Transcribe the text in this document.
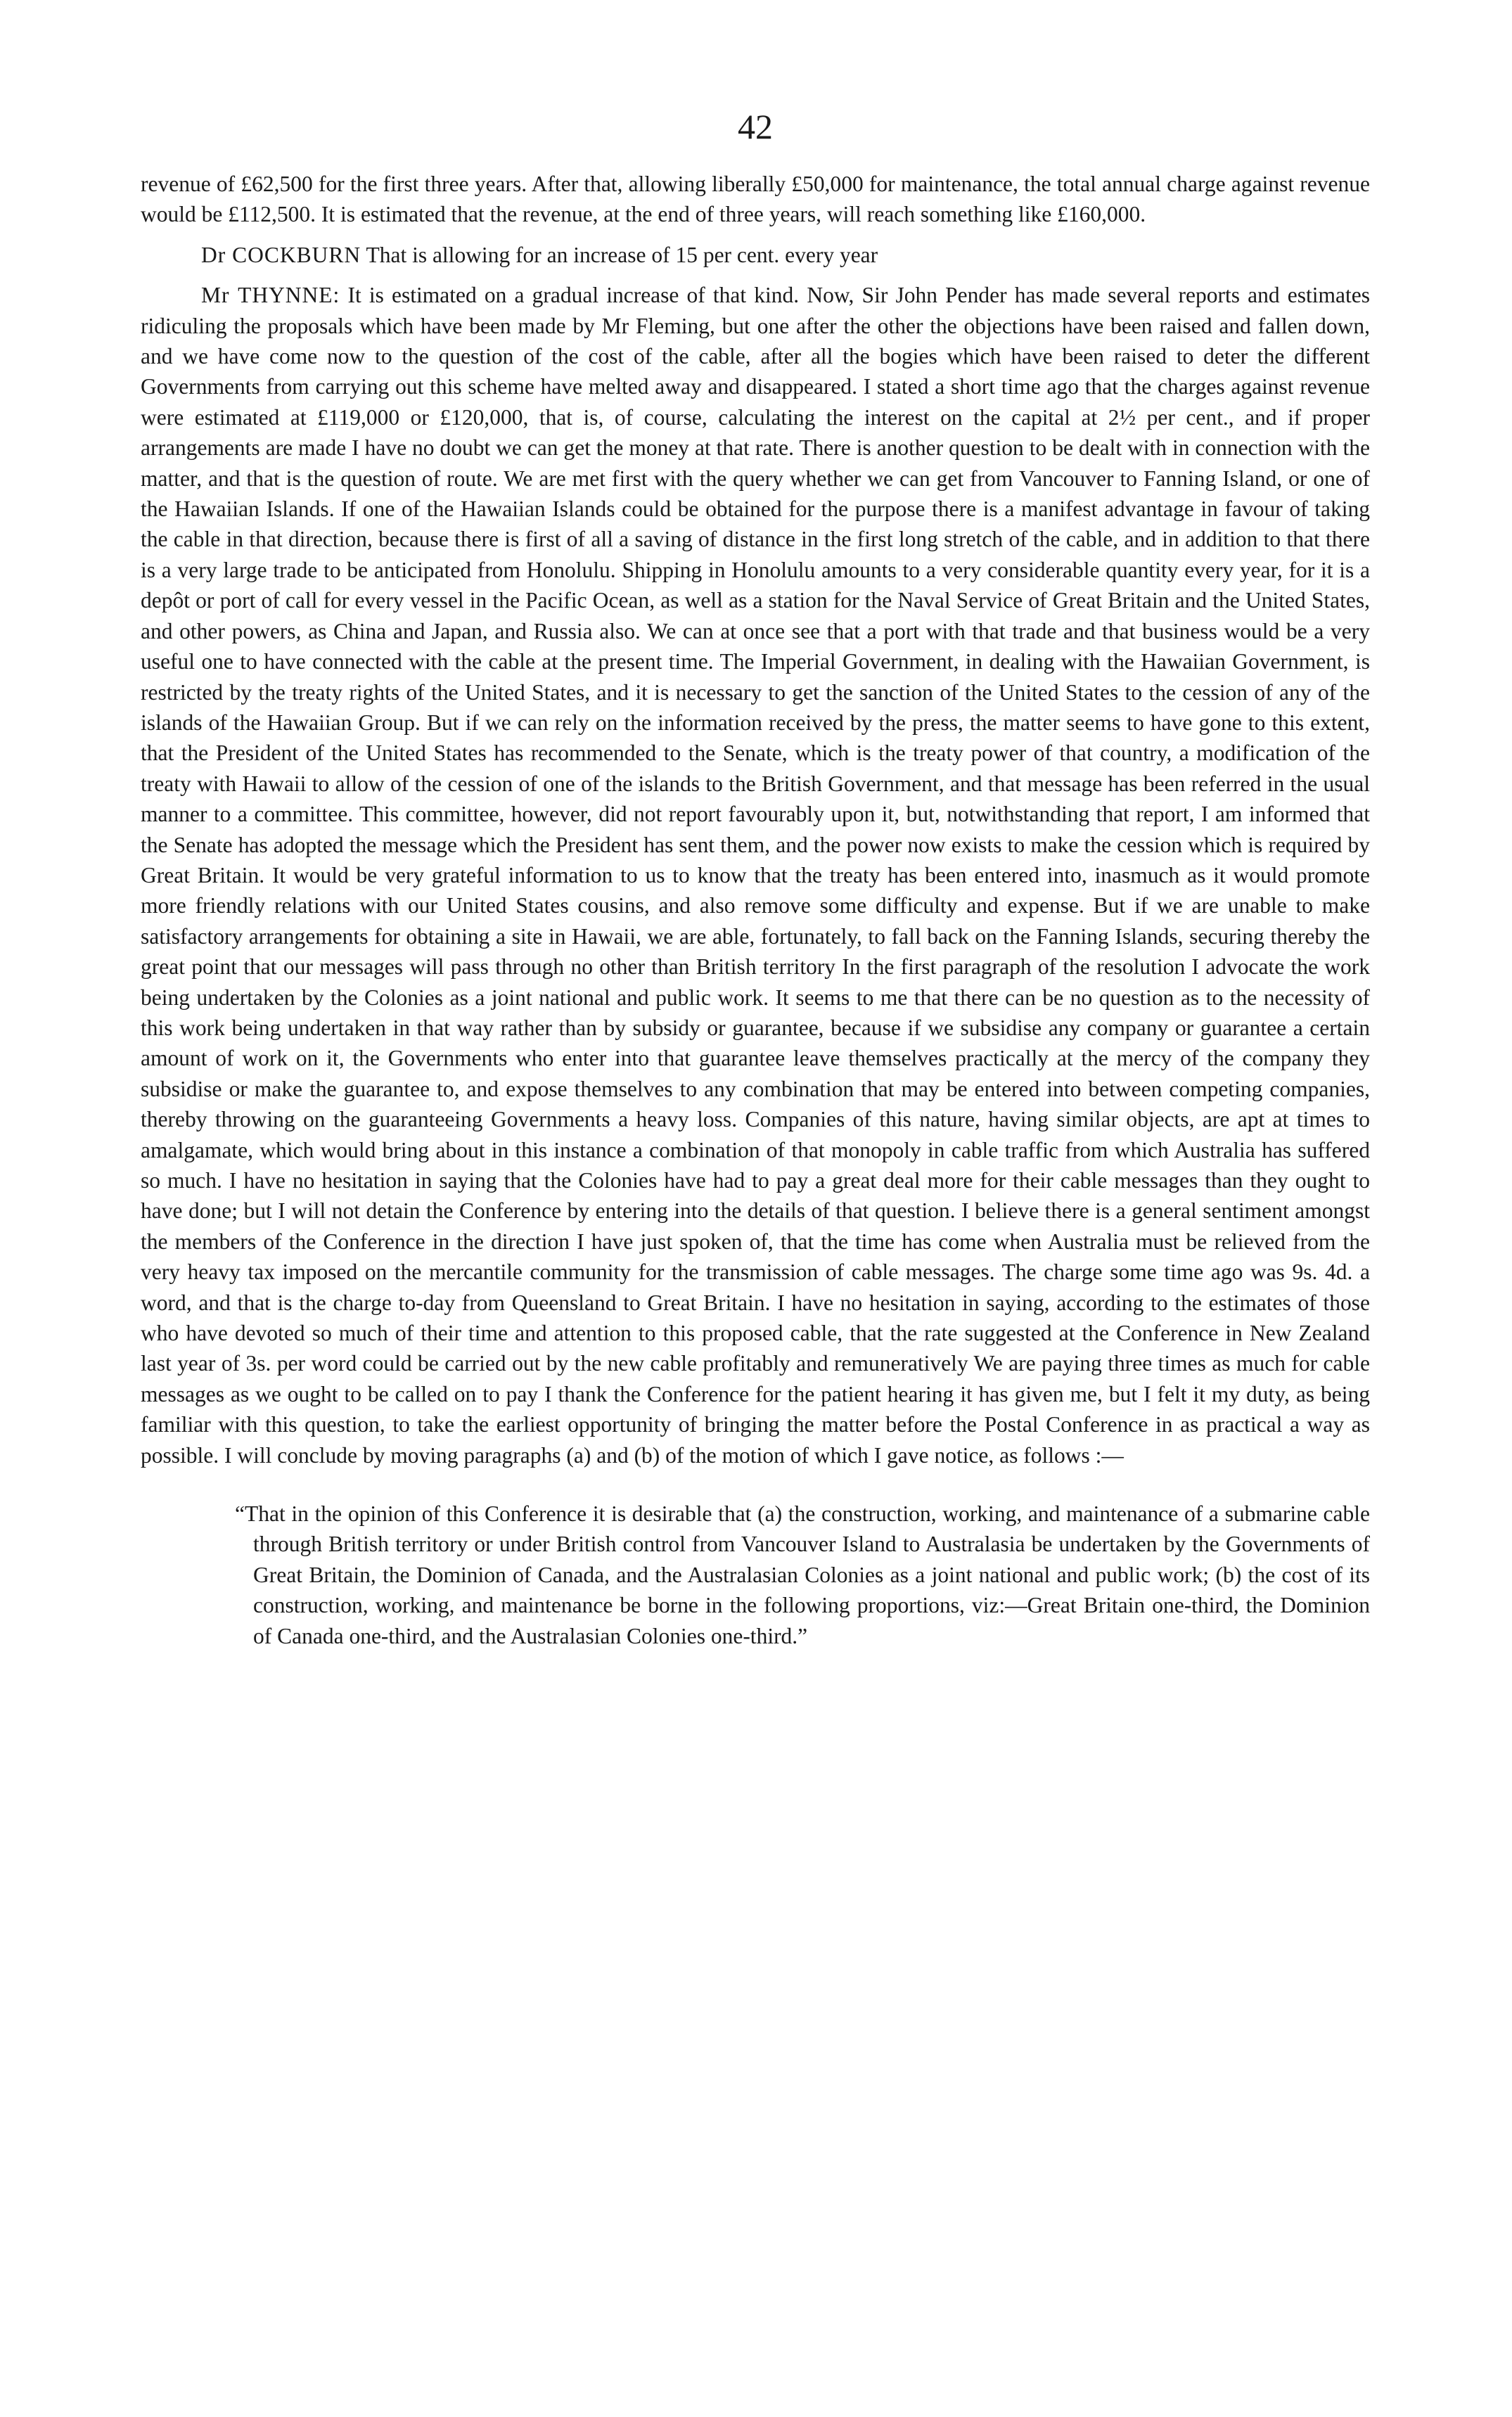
42

revenue of £62,500 for the first three years. After that, allowing liberally £50,000 for maintenance, the total annual charge against revenue would be £112,500. It is estimated that the revenue, at the end of three years, will reach something like £160,000.

Dr COCKBURN That is allowing for an increase of 15 per cent. every year

Mr THYNNE: It is estimated on a gradual increase of that kind. Now, Sir John Pender has made several reports and estimates ridiculing the proposals which have been made by Mr Fleming, but one after the other the objections have been raised and fallen down, and we have come now to the question of the cost of the cable, after all the bogies which have been raised to deter the different Governments from carrying out this scheme have melted away and disappeared. I stated a short time ago that the charges against revenue were estimated at £119,000 or £120,000, that is, of course, calculating the interest on the capital at 2½ per cent., and if proper arrangements are made I have no doubt we can get the money at that rate. There is another question to be dealt with in connection with the matter, and that is the question of route. We are met first with the query whether we can get from Vancouver to Fanning Island, or one of the Hawaiian Islands. If one of the Hawaiian Islands could be obtained for the purpose there is a manifest advantage in favour of taking the cable in that direction, because there is first of all a saving of distance in the first long stretch of the cable, and in addition to that there is a very large trade to be anticipated from Honolulu. Shipping in Honolulu amounts to a very considerable quantity every year, for it is a depôt or port of call for every vessel in the Pacific Ocean, as well as a station for the Naval Service of Great Britain and the United States, and other powers, as China and Japan, and Russia also. We can at once see that a port with that trade and that business would be a very useful one to have connected with the cable at the present time. The Imperial Government, in dealing with the Hawaiian Government, is restricted by the treaty rights of the United States, and it is necessary to get the sanction of the United States to the cession of any of the islands of the Hawaiian Group. But if we can rely on the information received by the press, the matter seems to have gone to this extent, that the President of the United States has recommended to the Senate, which is the treaty power of that country, a modification of the treaty with Hawaii to allow of the cession of one of the islands to the British Government, and that message has been referred in the usual manner to a committee. This committee, however, did not report favourably upon it, but, notwithstanding that report, I am informed that the Senate has adopted the message which the President has sent them, and the power now exists to make the cession which is required by Great Britain. It would be very grateful information to us to know that the treaty has been entered into, inasmuch as it would promote more friendly relations with our United States cousins, and also remove some difficulty and expense. But if we are unable to make satisfactory arrangements for obtaining a site in Hawaii, we are able, fortunately, to fall back on the Fanning Islands, securing thereby the great point that our messages will pass through no other than British territory In the first paragraph of the resolution I advocate the work being undertaken by the Colonies as a joint national and public work. It seems to me that there can be no question as to the necessity of this work being undertaken in that way rather than by subsidy or guarantee, because if we subsidise any company or guarantee a certain amount of work on it, the Governments who enter into that guarantee leave themselves practically at the mercy of the company they subsidise or make the guarantee to, and expose themselves to any combination that may be entered into between competing companies, thereby throwing on the guaranteeing Governments a heavy loss. Companies of this nature, having similar objects, are apt at times to amalgamate, which would bring about in this instance a combination of that monopoly in cable traffic from which Australia has suffered so much. I have no hesitation in saying that the Colonies have had to pay a great deal more for their cable messages than they ought to have done; but I will not detain the Conference by entering into the details of that question. I believe there is a general sentiment amongst the members of the Conference in the direction I have just spoken of, that the time has come when Australia must be relieved from the very heavy tax imposed on the mercantile community for the transmission of cable messages. The charge some time ago was 9s. 4d. a word, and that is the charge to-day from Queensland to Great Britain. I have no hesitation in saying, according to the estimates of those who have devoted so much of their time and attention to this proposed cable, that the rate suggested at the Conference in New Zealand last year of 3s. per word could be carried out by the new cable profitably and remuneratively We are paying three times as much for cable messages as we ought to be called on to pay I thank the Conference for the patient hearing it has given me, but I felt it my duty, as being familiar with this question, to take the earliest opportunity of bringing the matter before the Postal Conference in as practical a way as possible. I will conclude by moving paragraphs (a) and (b) of the motion of which I gave notice, as follows :—

“That in the opinion of this Conference it is desirable that (a) the construction, working, and maintenance of a submarine cable through British territory or under British control from Vancouver Island to Australasia be undertaken by the Governments of Great Britain, the Dominion of Canada, and the Australasian Colonies as a joint national and public work; (b) the cost of its construction, working, and maintenance be borne in the following proportions, viz:—Great Britain one-third, the Dominion of Canada one-third, and the Australasian Colonies one-third.”
